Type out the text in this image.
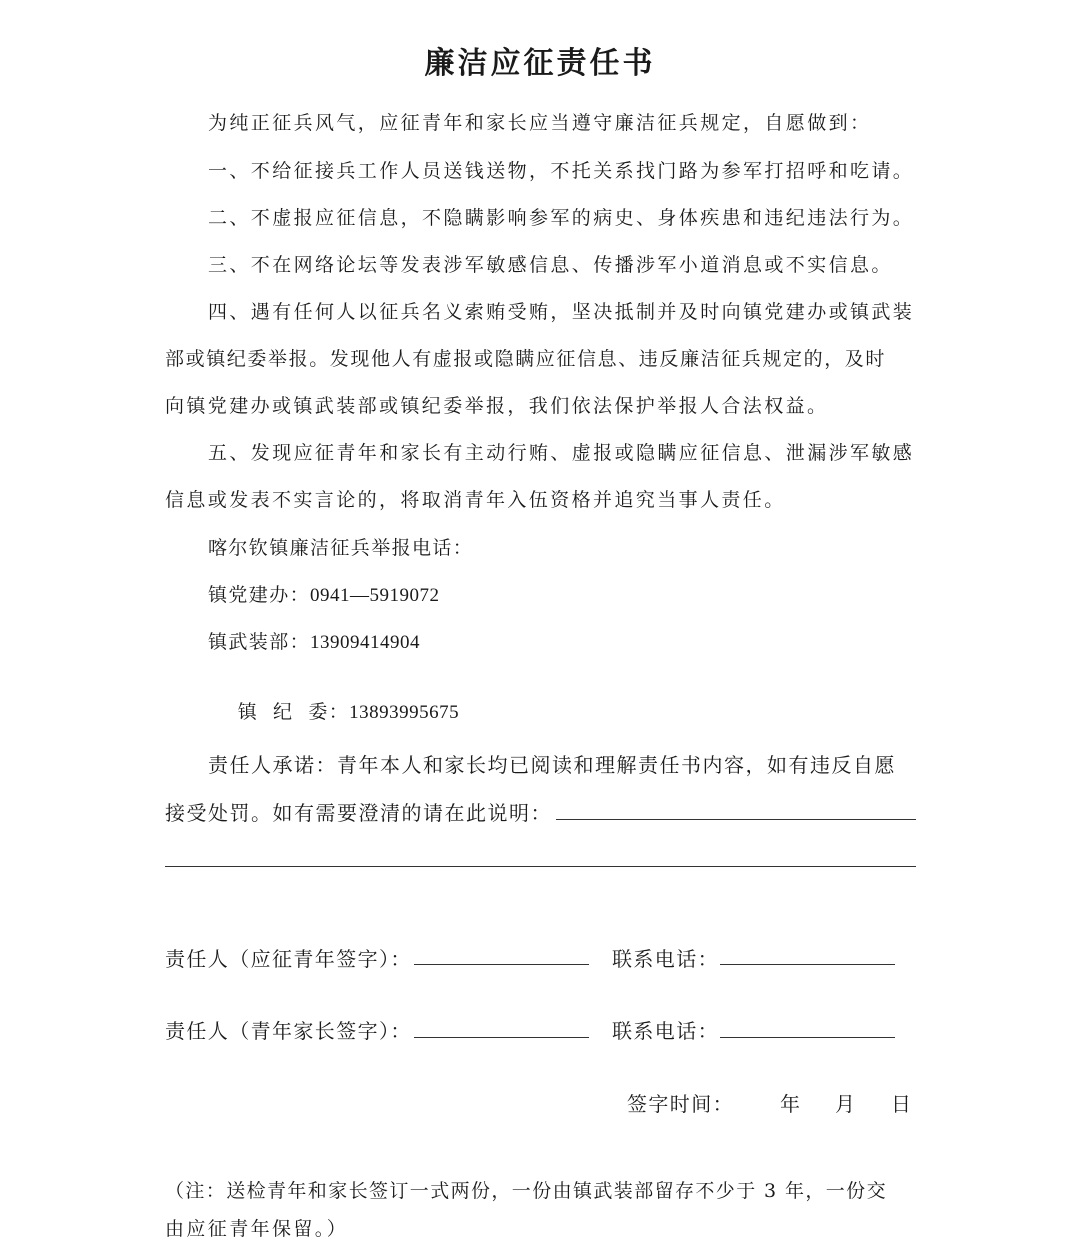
廉洁应征责任书
为纯正征兵风气，应征青年和家长应当遵守廉洁征兵规定，自愿做到：
一、不给征接兵工作人员送钱送物，不托关系找门路为参军打招呼和吃请。
二、不虚报应征信息，不隐瞒影响参军的病史、身体疾患和违纪违法行为。
三、不在网络论坛等发表涉军敏感信息、传播涉军小道消息或不实信息。
四、遇有任何人以征兵名义索贿受贿，坚决抵制并及时向镇党建办或镇武装
部或镇纪委举报。发现他人有虚报或隐瞒应征信息、违反廉洁征兵规定的，及时
向镇党建办或镇武装部或镇纪委举报，我们依法保护举报人合法权益。
五、发现应征青年和家长有主动行贿、虚报或隐瞒应征信息、泄漏涉军敏感
信息或发表不实言论的，将取消青年入伍资格并追究当事人责任。
喀尔钦镇廉洁征兵举报电话：
镇党建办：0941—5919072
镇武装部：13909414904

镇  纪  委：13893995675

责任人承诺：青年本人和家长均已阅读和理解责任书内容，如有违反自愿
接受处罚。如有需要澄清的请在此说明：
责任人（应征青年签字）：	联系电话：
责任人（青年家长签字）：	联系电话：
签字时间： 年 月 日
（注：送检青年和家长签订一式两份，一份由镇武装部留存不少于 3 年，一份交
由应征青年保留。）
